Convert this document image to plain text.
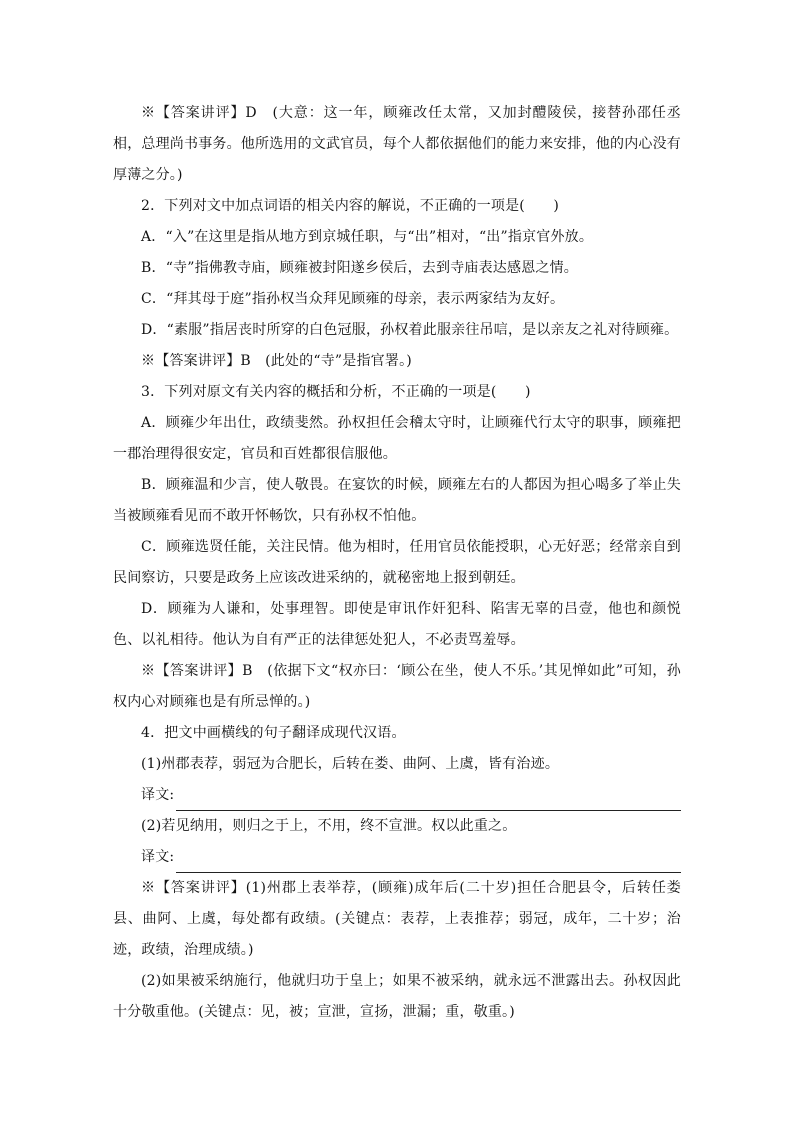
※【答案讲评】D　(大意：这一年，顾雍改任太常，又加封醴陵侯，接替孙邵任丞相，总理尚书事务。他所选用的文武官员，每个人都依据他们的能力来安排，他的内心没有厚薄之分。)

2．下列对文中加点词语的相关内容的解说，不正确的一项是(　　)

A．“入”在这里是指从地方到京城任职，与“出”相对，“出”指京官外放。

B．“寺”指佛教寺庙，顾雍被封阳遂乡侯后，去到寺庙表达感恩之情。

C．“拜其母于庭”指孙权当众拜见顾雍的母亲，表示两家结为友好。

D．“素服”指居丧时所穿的白色冠服，孙权着此服亲往吊唁，是以亲友之礼对待顾雍。

※【答案讲评】B　(此处的“寺”是指官署。)

3．下列对原文有关内容的概括和分析，不正确的一项是(　　)

A．顾雍少年出仕，政绩斐然。孙权担任会稽太守时，让顾雍代行太守的职事，顾雍把一郡治理得很安定，官员和百姓都很信服他。

B．顾雍温和少言，使人敬畏。在宴饮的时候，顾雍左右的人都因为担心喝多了举止失当被顾雍看见而不敢开怀畅饮，只有孙权不怕他。

C．顾雍选贤任能，关注民情。他为相时，任用官员依能授职，心无好恶；经常亲自到民间察访，只要是政务上应该改进采纳的，就秘密地上报到朝廷。

D．顾雍为人谦和，处事理智。即使是审讯作奸犯科、陷害无辜的吕壹，他也和颜悦色、以礼相待。他认为自有严正的法律惩处犯人，不必责骂羞辱。

※【答案讲评】B　(依据下文“权亦曰：‘顾公在坐，使人不乐。’其见惮如此”可知，孙权内心对顾雍也是有所忌惮的。)

4．把文中画横线的句子翻译成现代汉语。

(1)州郡表荐，弱冠为合肥长，后转在娄、曲阿、上虞，皆有治迹。

译文:

(2)若见纳用，则归之于上，不用，终不宣泄。权以此重之。

译文:

※【答案讲评】(1)州郡上表举荐，(顾雍)成年后(二十岁)担任合肥县令，后转任娄县、曲阿、上虞，每处都有政绩。(关键点：表荐，上表推荐；弱冠，成年，二十岁；治迹，政绩，治理成绩。)

(2)如果被采纳施行，他就归功于皇上；如果不被采纳，就永远不泄露出去。孙权因此十分敬重他。(关键点：见，被；宣泄，宣扬，泄漏；重，敬重。)
